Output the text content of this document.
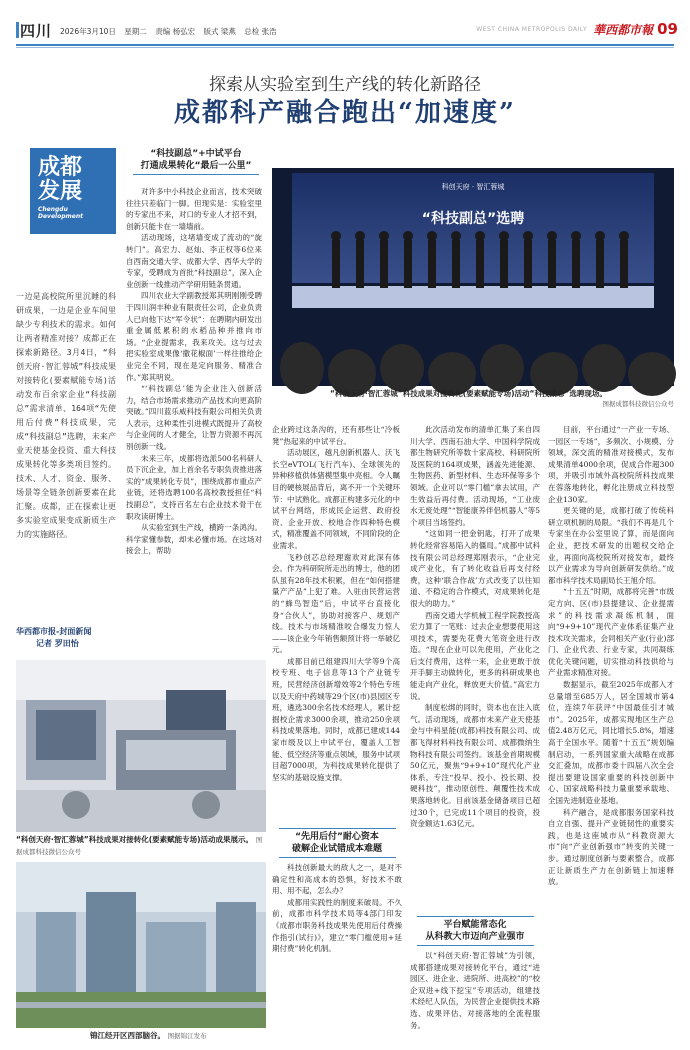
四川 2026年3月10日 星期二 责编 杨弘宏 版式 梁燕 总检 张浩	WEST CHINA METROPOLIS DAILY 華西都市報 09
探索从实验室到生产线的转化新路径
成都科产融合跑出“加速度”
成都
发展
Chengdu
Development
一边是高校院所里沉睡的科研成果，一边是企业车间里缺少专利技术的需求。如何让两者精准对接？成都正在探索新路径。3月4日，“科创天府·智汇蓉城”科技成果对接转化(要素赋能专场)活动发布百余家企业“科技副总”需求清单、164项“先使用后付费”科技成果，完成“科技副总”选聘，未来产业天使基金投资、重大科技成果转化等多类项目签约。技术、人才、资金、服务、场景等全链条创新要素在此汇聚。成都，正在探索让更多实验室成果变成新质生产力的实施路径。
华西都市报-封面新闻
记者 罗田怡
“科技副总”+中试平台
打通成果转化“最后一公里”

对许多中小科技企业而言，技术突破往往只差临门一脚。但现实是：实验室里的专家出不来，对口的专业人才招不到，创新只能卡在一墙墙前。

活动现场，这堵墙变成了流动的“旋转门”。高宏力、赵灿、李正权等6位来自西南交通大学、成都大学、西华大学的专家，受聘成为首批“科技副总”，深入企业创新一线推动产学研用链条贯通。

四川农业大学副教授郑其明刚刚受聘于四川润丰种业有限责任公司，企业负责人已向他下达“军令状”：在聘期内研发出重金属低累积的水稻品种并推向市场。“企业提需求，我来攻关。这与过去把实验室成果像‘撒花椒面’一样往推给企业完全不同，现在是定向服务、精准合作。”郑其明说。

“‘科技副总’能为企业注入创新活力，结合市场需求推动产品技术向更高阶突破。”四川蓝乐威科技有限公司相关负责人表示，这种柔性引进模式既提升了高校与企业间的人才健全，让智力资源不再沉别创新一线。

未来三年，成都将选派500名科研人员下沉企业，加上首余名专职负责推进落实的“成果转化专员”，围绕成都市重点产业链，还将选聘100名高校教授担任“科技副总”，支持百名左右企业技术骨干在职攻读研博士。

从实验室到生产线，横跨一条鸿沟。科学家懂参数，却未必懂市场。在这场对接会上，帮助

科创天府 · 智汇蓉城
“科技副总”选聘
“科创天府·智汇蓉城”科技成果对接转化(要素赋能专场)活动“科技副总”选聘现场。
图据成都科技微信公众号

企业跨过这条沟的，还有那些让“冷板凳”热起来的中试平台。

活动展区，越凡创新机器人、沃飞长空eVTOL(飞行汽车)、全球领先的异种移植供体猪模型集中亮相。令人瞩目的硬核展品背后，离不开一个关键环节：中试熟化。成都正构建多元化的中试平台网络，形成民企运营、政府投资、企业开放、校地合作四种特色模式，精准覆盖不同领域，不同阶段的企业需求。

飞秒创芯总经理谢欢对此深有体会。作为科研院所走出的博士，他的团队虽有28年技术积累，但在“如何搭建量产产品”上犯了难。入驻由民营运营的“蜂鸟智造”后，中试平台直接化身“合伙人”，协助对接客户、规划产线。技术与市场精准咬合爆发力惊人——该企业今年销售额预计将一举破亿元。

成都目前已组建四川大学等9个高校专班、电子信息等13个产业链专班，民营经济创新增效等2个特色专班以及天府中药城等29个区(市)县园区专班，遴选300余名技术经理人，累计挖掘校企需求3000余项，推动250余项科技成果落地。同时，成都已建成144家市级及以上中试平台，覆盖人工智能、低空经济等重点领域，服务中试项目超7000项，为科技成果转化提供了坚实的基础设施支撑。

此次活动发布的清单汇集了来自四川大学、西南石油大学、中国科学院成都生物研究所等数十家高校、科研院所及医院的164项成果，涵盖先进能源、生物医药、新型材料、生态环保等多个领域。企业可以“零门槛”拿去试用，产生效益后再付费。活动现场，“工业废水无废处理”“智能康养伴侣机器人”等5个项目当场签约。

“这如同一把金钥匙，打开了成果转化经常容易陷入的僵局。”成都中试科技有限公司总经理郑刚表示，“企业完成产业化，有了转化收益后再支付经费，这种‘联合作战’方式改变了以往知道、不稳定的合作模式，对成果转化是很大的助力。”

西南交通大学机械工程学院教授高宏力算了一笔账：过去企业想要使用这项技术，需要先花费大笔资金进行改造。“现在企业可以先使用，产业化之后支付费用，这样一来，企业更敢于放开手脚主动做转化，更多的科研成果也能走向产业化，释放更大价值。”高宏力说。

制度松绑的同时，资本也在注入底气。活动现场，成都市未来产业天使基金与中科星能(成都)科技有限公司、成都飞得材料科技有限公司、成都微纳生物科技有限公司签约。该基金首期规模50亿元，聚焦“9+9+10”现代化产业体系，专注“投早、投小、投长期、投硬科技”，推动原创性、颠覆性技术成果落地转化。目前该基金储备项目已超过30个，已完成11个项目的投资，投资金额达1.63亿元。

目前，平台通过“一产业一专场、一园区一专场”，多频次、小规模、分领域，深交流的精准对接模式，发布成果清单4000余项，促成合作超300项，并吸引市域外高校院所科技成果在蓉落地转化，孵化注册成立科技型企业130家。

更关键的是，成都打破了传统科研立项机制的局限。“我们不再是几个专家坐在办公室里说了算，而是面向企业，把技术研发的出题权交给企业，再面向高校院所对接发布，最终以产业需求为导向创新研发供给。”成都市科学技术局副局长王旭介绍。

“十五五”时期，成都将完善“市级定方向、区(市)县提建议、企业提需求”的科技需求凝练机制，面向“9+9+10”现代产业体系征集产业技术攻关需求，会同相关产业(行业)部门、企业代表、行业专家，共同凝练优化关键问题，切实推动科技供给与产业需求精准对接。

数据显示，截至2025年成都入才总量增至685万人，居全国城市第4位，连续7年获评“中国最佳引才城市”。2025年，成都实现地区生产总值2.48万亿元，同比增长5.8%，增速高于全国水平。随着“十五五”规划编制启动，一系列国家重大战略在成都交汇叠加，成都市委十四届八次全会提出要建设国家重要的科技创新中心、国家战略科技力量重要承载地、全国先进制造业基地。

科产融合，是成都服务国家科技自立自强、提升产业链韧性的重要实践，也是这座城市从“科教资源大市”向“产业创新强市”转变的关键一步。通过制度创新与要素整合，成都正让新质生产力在创新链上加速释放。

“科创天府·智汇蓉城”科技成果对接转化(要素赋能专场)活动成果展示。 图据成都科技微信公众号
“先用后付”耐心资本
破解企业试错成本难题

科技创新最大的敌人之一，是对不确定性和高成本的恐惧，好技术不敢用、用不起，怎么办？

成都用实践性的制度来破局。不久前，成都市科学技术局等4部门印发《成都市职务科技成果先使用后付费操作指引(试行)》，建立“零门槛使用+延期付费”转化机制。

锦江经开区西部脑谷。 图据锦江发布
平台赋能常态化
从科教大市迈向产业强市

以“科创天府·智汇蓉城”为引领，成都搭建成果对接转化平台，通过“进园区、进企业、进院所、进高校”的“校企双进+线下挖宝”专项活动，组建技术经纪人队伍，为民营企业提供技术路选、成果评估、对接落地的全流程服务。
